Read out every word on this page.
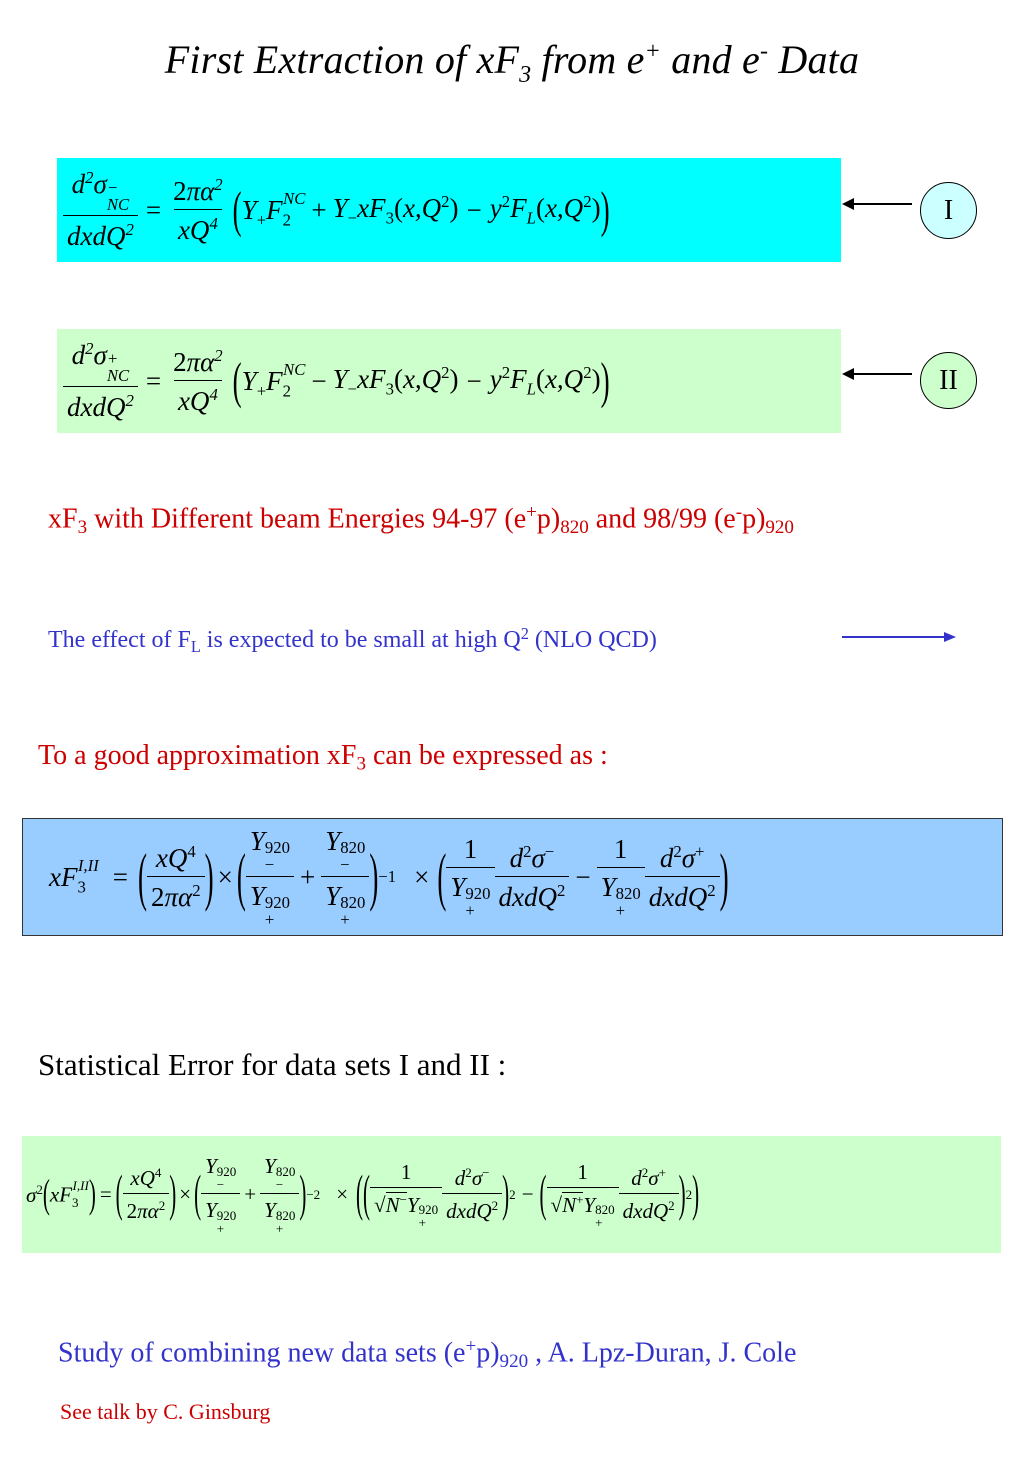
First Extraction of $xF_3$ from e+ and e- Data
$d^2\sigma$ −
NC
dxdQ$^2$ = $\frac{2\pi\alpha^2}{xQ^4}$ ( $Y_+F_2^{NC} + Y_-xF_3(x,Q^2) - y^2F_L(x,Q^2)$ )	I
$d^2\sigma$ +
NC
dxdQ$^2$ = $\frac{2\pi\alpha^2}{xQ^4}$ ( $Y_+F_2^{NC} - Y_-xF_3(x,Q^2) - y^2F_L(x,Q^2)$ )	II
$xF_3$ with Different beam Energies 94-97 $(e^+p)_{820}$ and 98/99 $(e^-p)_{920}$
The effect of $F_L$ is expected to be small at high $Q^2$ (NLO QCD)
To a good approximation $xF_3$ can be expressed as :
$xF_3^{I,II}$ = ( $\frac{xQ^4}{2\pi\alpha^2}$ ) × ( Y $^{920 -}$
Y $^{920 +}$ + Y $^{820 -}$
Y $^{820 +}$ ) −1 × ( 1
Y $^{920 +} \frac{d^2\sigma^-}{dxdQ^2} - 1$
Y $^{820 +} \frac{d^2\sigma^+}{dxdQ^2}$ )
Statistical Error for data sets I and II :
$\sigma^2$ ( $xF_3^{I,II}$ ) = ( $\frac{xQ^4}{2\pi\alpha^2}$ ) × ( Y $^{920 -}$
Y $^{920 +}$ + Y $^{820 -}$
Y $^{820 +}$ ) −2 × ( ( 1
√N−Y $^{920 +} \frac{d^2\sigma^-}{dxdQ^2}$ ) 2 − ( 1
√N+Y $^{820 +} \frac{d^2\sigma^+}{dxdQ^2}$ ) 2 )
Study of combining new data sets $(e^+p)_{920}$ , A. Lpz-Duran, J. Cole
See talk by C. Ginsburg
